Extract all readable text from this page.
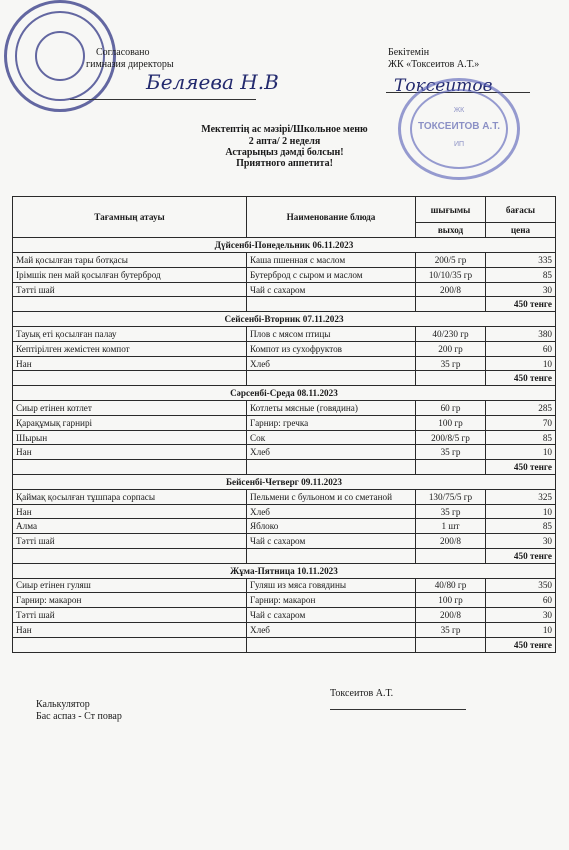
Согласовано
гимназия директоры
Беляева Н.В
Бекітемін
ЖК «Токсеитов А.Т.»
Токсеитов
ЖК
ТОКСЕИТОВ А.Т.
ИП
Мектептің ас мәзірі/Школьное меню
2 апта/ 2 неделя
Астарыңыз дәмді болсын!
Приятного аппетита!
Тағамның атауы	Наименование блюда	шығымы	бағасы
		выход	цена
Дүйсенбі-Понедельник 06.11.2023			
Май қосылған тары ботқасы	Каша пшенная с маслом	200/5 гр	335
Ірімшік пен май қосылған бутерброд	Бутерброд с сыром и маслом	10/10/35 гр	85
Тәтті шай	Чай с сахаром	200/8	30
			450 тенге
Сейсенбі-Вторник 07.11.2023			
Тауық еті қосылған палау	Плов с мясом птицы	40/230 гр	380
Кептірілген жемістен компот	Компот из сухофруктов	200 гр	60
Нан	Хлеб	35 гр	10
			450 тенге
Сәрсенбі-Среда 08.11.2023			
Сиыр етінен котлет	Котлеты мясные (говядина)	60 гр	285
Қарақұмық гарнирі	Гарнир: гречка	100 гр	70
Шырын	Сок	200/8/5 гр	85
Нан	Хлеб	35 гр	10
			450 тенге
Бейсенбі-Четверг 09.11.2023			
Қаймақ қосылған тұшпара сорпасы	Пельмени с бульоном и со сметаной	130/75/5 гр	325
Нан	Хлеб	35 гр	10
Алма	Яблоко	1 шт	85
Тәтті шай	Чай с сахаром	200/8	30
			450 тенге
Жұма-Пятница 10.11.2023			
Сиыр етінен гуляш	Гуляш из мяса говядины	40/80 гр	350
Гарнир: макарон	Гарнир: макарон	100 гр	60
Тәтті шай	Чай с сахаром	200/8	30
Нан	Хлеб	35 гр	10
			450 тенге
Калькулятор
Бас аспаз - Ст повар
Токсеитов А.Т.
